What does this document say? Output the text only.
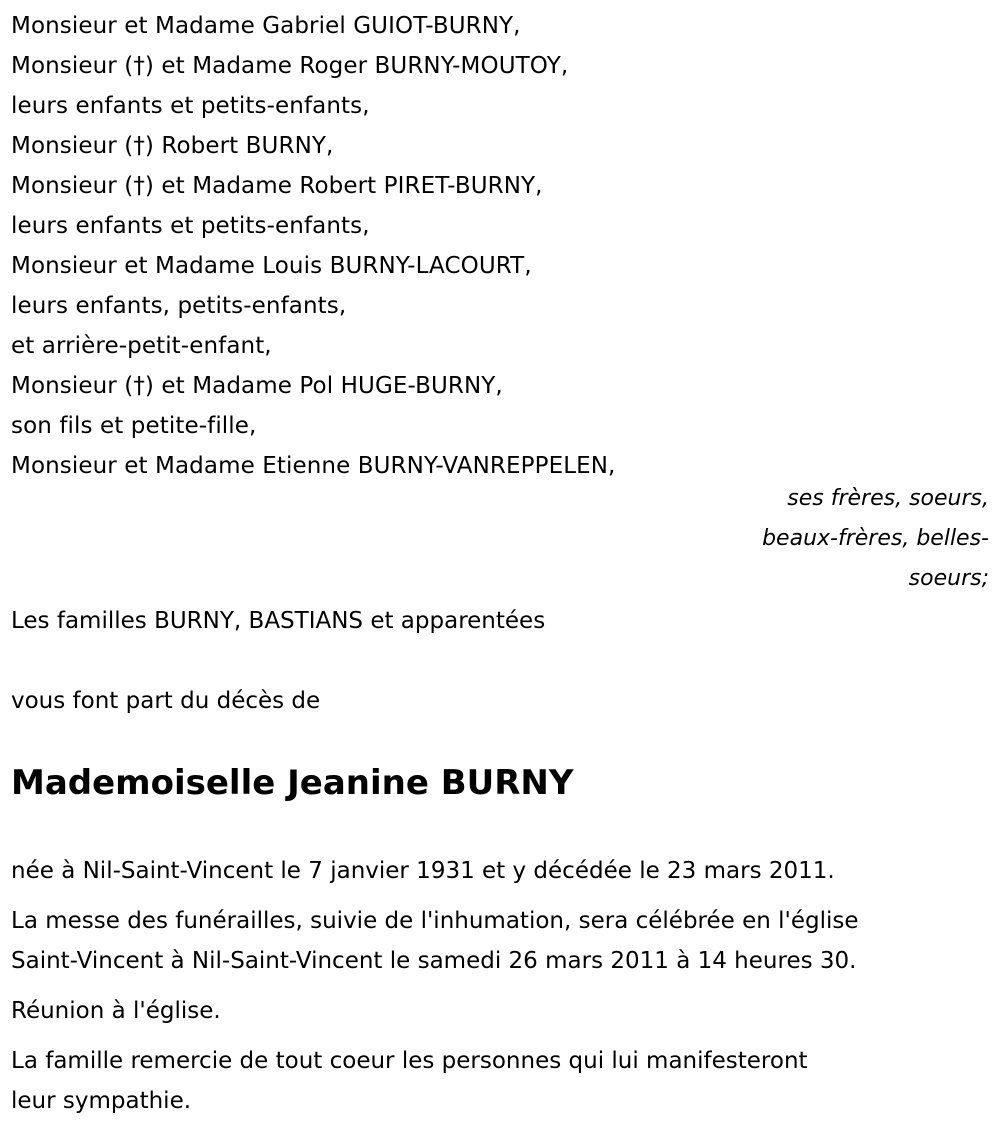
Monsieur et Madame Gabriel GUIOT-BURNY,
Monsieur (†) et Madame Roger BURNY-MOUTOY,
leurs enfants et petits-enfants,
Monsieur (†) Robert BURNY,
Monsieur (†) et Madame Robert PIRET-BURNY,
leurs enfants et petits-enfants,
Monsieur et Madame Louis BURNY-LACOURT,
leurs enfants, petits-enfants,
et arrière-petit-enfant,
Monsieur (†) et Madame Pol HUGE-BURNY,
son fils et petite-fille,
Monsieur et Madame Etienne BURNY-VANREPPELEN,
ses frères, soeurs,
beaux-frères, belles-
soeurs;
Les familles BURNY, BASTIANS et apparentées
vous font part du décès de
Mademoiselle Jeanine BURNY

née à Nil-Saint-Vincent le 7 janvier 1931 et y décédée le 23 mars 2011.

La messe des funérailles, suivie de l'inhumation, sera célébrée en l'église
Saint-Vincent à Nil-Saint-Vincent le samedi 26 mars 2011 à 14 heures 30.

Réunion à l'église.

La famille remercie de tout coeur les personnes qui lui manifesteront
leur sympathie.
